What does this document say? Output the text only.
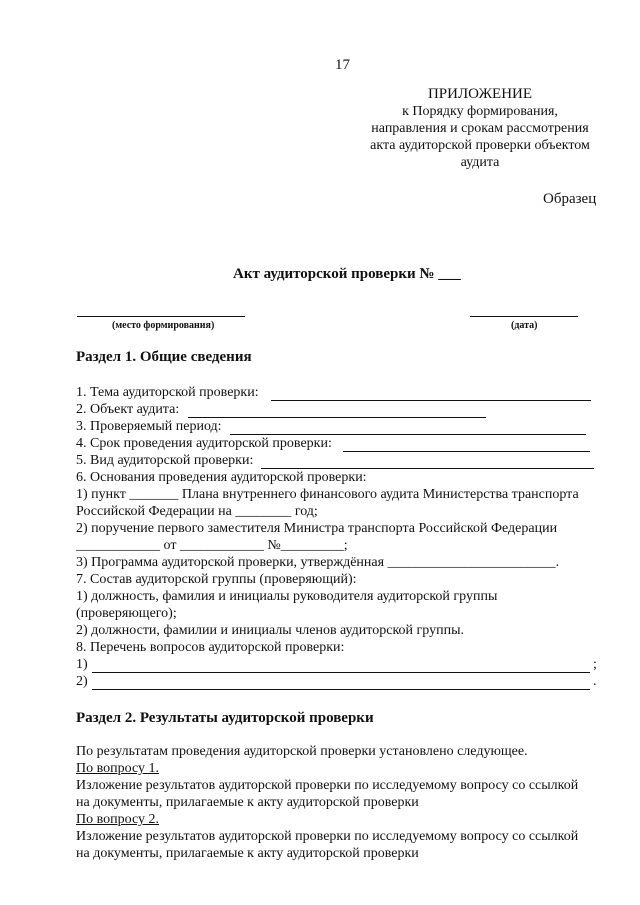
17
ПРИЛОЖЕНИЕ
к Порядку формирования,
направления и срокам рассмотрения
акта аудиторской проверки объектом
аудита
Образец
Акт аудиторской проверки № ___
(место формирования)	(дата)
Раздел 1. Общие сведения
1. Тема аудиторской проверки:
2. Объект аудита:
3. Проверяемый период:
4. Срок проведения аудиторской проверки:
5. Вид аудиторской проверки:
6. Основания проведения аудиторской проверки:
1) пункт _______ Плана внутреннего финансового аудита Министерства транспорта
Российской Федерации на ________ год;
2) поручение первого заместителя Министра транспорта Российской Федерации
____________ от ____________ №_________;
3) Программа аудиторской проверки, утверждённая ________________________.
7. Состав аудиторской группы (проверяющий):
1) должность, фамилия и инициалы руководителя аудиторской группы
(проверяющего);
2) должности, фамилии и инициалы членов аудиторской группы.
8. Перечень вопросов аудиторской проверки:
1)	;
2)	.
Раздел 2. Результаты аудиторской проверки
По результатам проведения аудиторской проверки установлено следующее.
По вопросу 1.
Изложение результатов аудиторской проверки по исследуемому вопросу со ссылкой
на документы, прилагаемые к акту аудиторской проверки
По вопросу 2.
Изложение результатов аудиторской проверки по исследуемому вопросу со ссылкой
на документы, прилагаемые к акту аудиторской проверки
